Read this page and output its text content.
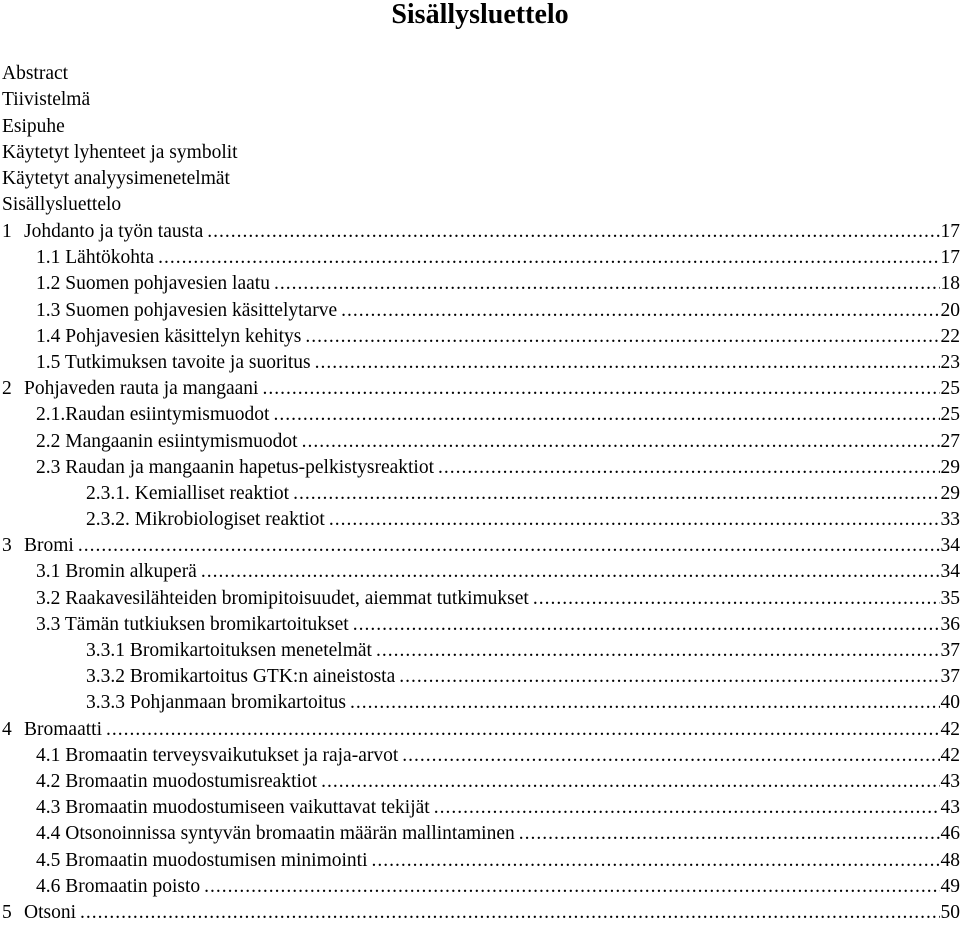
Sisällysluettelo
Abstract
Tiivistelmä
Esipuhe
Käytetyt lyhenteet ja symbolit
Käytetyt analyysimenetelmät
Sisällysluettelo
1 Johdanto ja työn tausta .....	17
1.1 Lähtökohta .....	17
1.2 Suomen pohjavesien laatu .....	18
1.3 Suomen pohjavesien käsittelytarve .....	20
1.4 Pohjavesien käsittelyn kehitys .....	22
1.5 Tutkimuksen tavoite ja suoritus .....	23
2 Pohjaveden rauta ja mangaani .....	25
2.1.Raudan esiintymismuodot .....	25
2.2 Mangaanin esiintymismuodot .....	27
2.3 Raudan ja mangaanin hapetus-pelkistysreaktiot .....	29
2.3.1. Kemialliset reaktiot .....	29
2.3.2. Mikrobiologiset reaktiot .....	33
3 Bromi .....	34
3.1 Bromin alkuperä .....	34
3.2 Raakavesilähteiden bromipitoisuudet, aiemmat tutkimukset .....	35
3.3 Tämän tutkiuksen bromikartoitukset .....	36
3.3.1 Bromikartoituksen menetelmät .....	37
3.3.2 Bromikartoitus GTK:n aineistosta .....	37
3.3.3 Pohjanmaan bromikartoitus .....	40
4 Bromaatti .....	42
4.1 Bromaatin terveysvaikutukset ja raja-arvot .....	42
4.2 Bromaatin muodostumisreaktiot .....	43
4.3 Bromaatin muodostumiseen vaikuttavat tekijät .....	43
4.4 Otsonoinnissa syntyvän bromaatin määrän mallintaminen .....	46
4.5 Bromaatin muodostumisen minimointi .....	48
4.6 Bromaatin poisto .....	49
5 Otsoni .....	50
